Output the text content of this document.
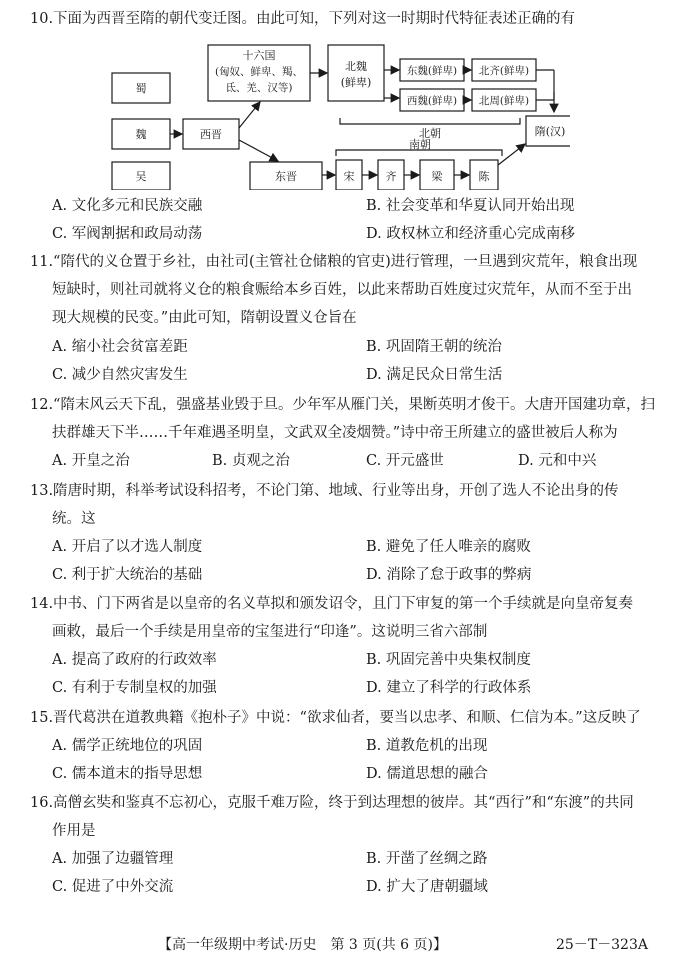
10.下面为西晋至隋的朝代变迁图。由此可知，下列对这一时期时代特征表述正确的有
蜀
魏
吴
西晋
十六国
(匈奴、鲜卑、羯、
氐、羌、汉等)
北魏
(鲜卑)
东魏(鲜卑) 北齐(鲜卑)
西魏(鲜卑) 北周(鲜卑)
北朝
南朝
东晋	宋	齐	梁	陈
隋(汉)
A. 文化多元和民族交融	B. 社会变革和华夏认同开始出现
C. 军阀割据和政局动荡	D. 政权林立和经济重心完成南移
11.“隋代的义仓置于乡社，由社司(主管社仓储粮的官吏)进行管理，一旦遇到灾荒年，粮食出现
短缺时，则社司就将义仓的粮食赈给本乡百姓，以此来帮助百姓度过灾荒年，从而不至于出
现大规模的民变。”由此可知，隋朝设置义仓旨在
A. 缩小社会贫富差距	B. 巩固隋王朝的统治
C. 减少自然灾害发生	D. 满足民众日常生活
12.“隋末风云天下乱，强盛基业毁于旦。少年军从雁门关，果断英明才俊干。大唐开国建功章，扫
扶群雄天下半……千年难遇圣明皇，文武双全凌烟赞。”诗中帝王所建立的盛世被后人称为
A. 开皇之治	B. 贞观之治	C. 开元盛世	D. 元和中兴
13.隋唐时期，科举考试设科招考，不论门第、地域、行业等出身，开创了选人不论出身的传
统。这
A. 开启了以才选人制度	B. 避免了任人唯亲的腐败
C. 利于扩大统治的基础	D. 消除了怠于政事的弊病
14.中书、门下两省是以皇帝的名义草拟和颁发诏令，且门下审复的第一个手续就是向皇帝复奏
画敕，最后一个手续是用皇帝的宝玺进行“印逢”。这说明三省六部制
A. 提高了政府的行政效率	B. 巩固完善中央集权制度
C. 有利于专制皇权的加强	D. 建立了科学的行政体系
15.晋代葛洪在道教典籍《抱朴子》中说：“欲求仙者，要当以忠孝、和顺、仁信为本。”这反映了
A. 儒学正统地位的巩固	B. 道教危机的出现
C. 儒本道末的指导思想	D. 儒道思想的融合
16.高僧玄奘和鉴真不忘初心，克服千难万险，终于到达理想的彼岸。其“西行”和“东渡”的共同
作用是
A. 加强了边疆管理	B. 开凿了丝绸之路
C. 促进了中外交流	D. 扩大了唐朝疆域
【高一年级期中考试·历史　第 3 页(共 6 页)】	25－T－323A
